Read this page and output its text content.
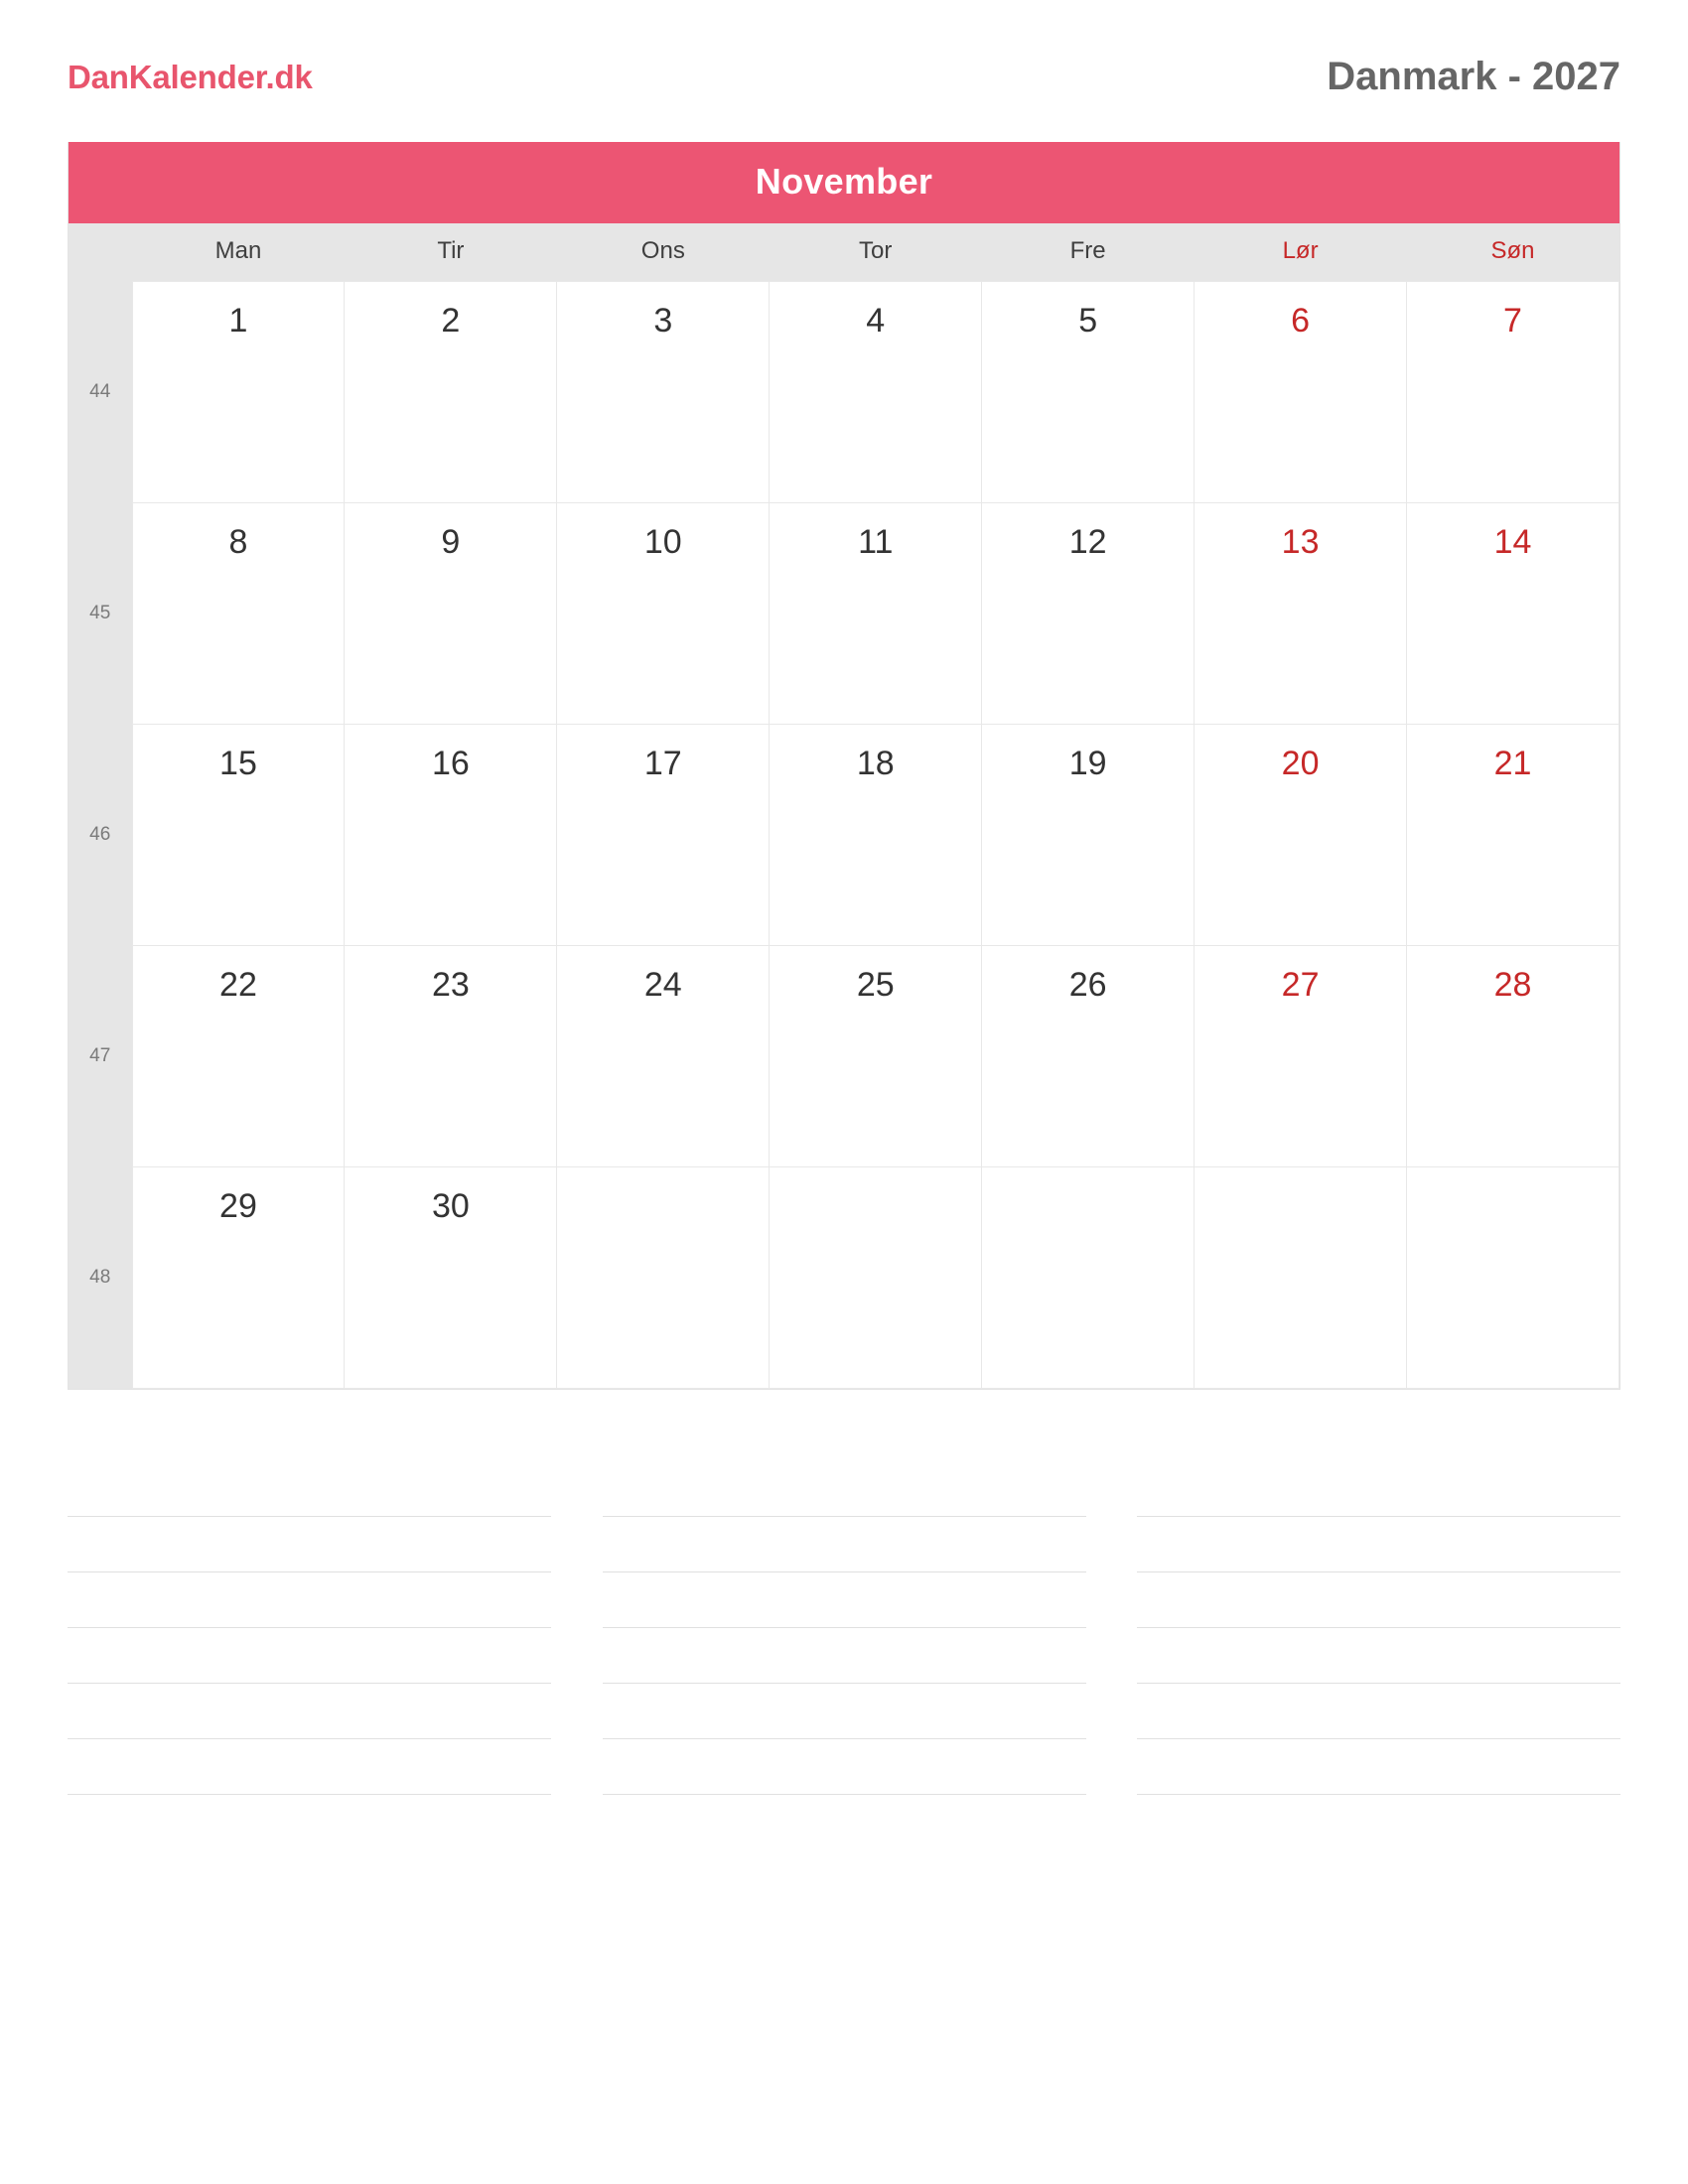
DanKalender.dk	Danmark - 2027
November
	Man	Tir	Ons	Tor	Fre	Lør	Søn
44	1	2	3	4	5	6	7

45	8	9	10	11	12	13	14

46	15	16	17	18	19	20	21

47	22	23	24	25	26	27	28

48	29	30					
